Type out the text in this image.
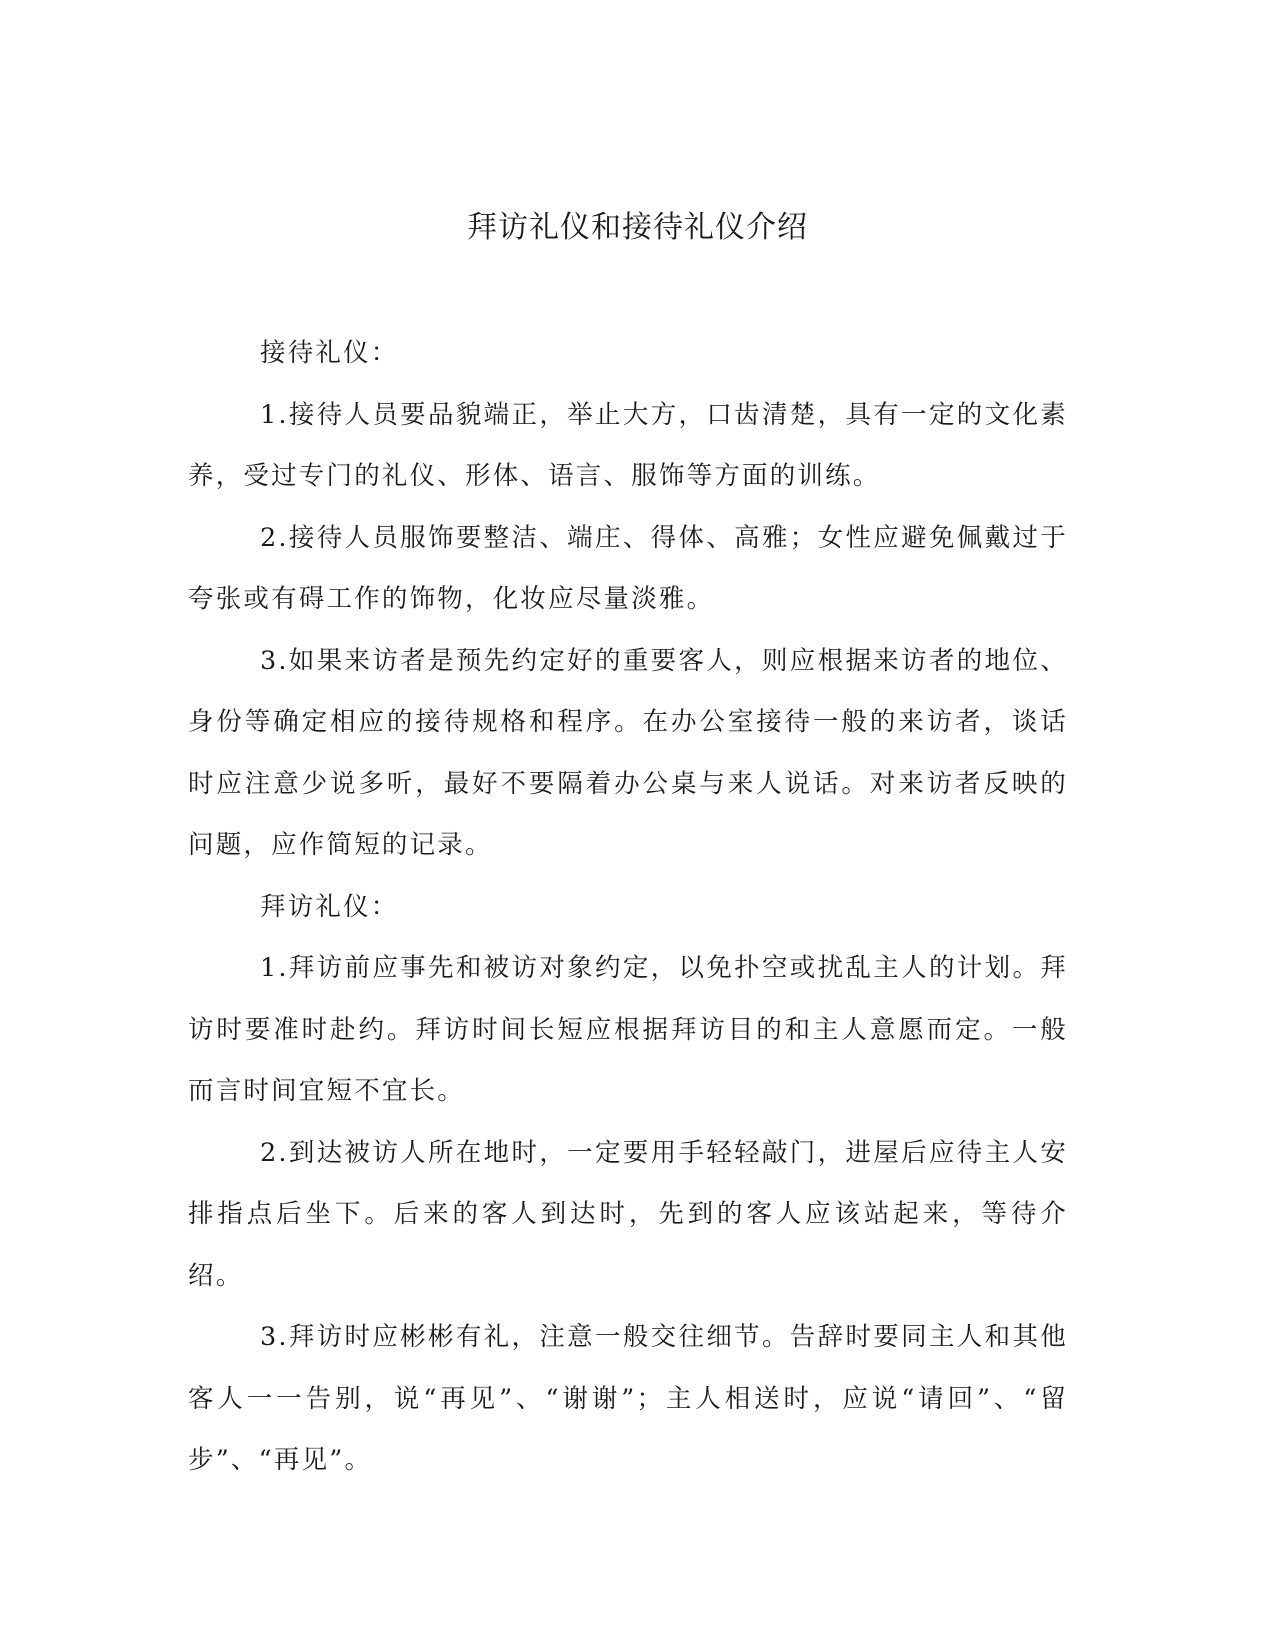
拜访礼仪和接待礼仪介绍

接待礼仪：

1.接待人员要品貌端正，举止大方，口齿清楚，具有一定的文化素养，受过专门的礼仪、形体、语言、服饰等方面的训练。

2.接待人员服饰要整洁、端庄、得体、高雅；女性应避免佩戴过于夸张或有碍工作的饰物，化妆应尽量淡雅。

3.如果来访者是预先约定好的重要客人，则应根据来访者的地位、身份等确定相应的接待规格和程序。在办公室接待一般的来访者，谈话时应注意少说多听，最好不要隔着办公桌与来人说话。对来访者反映的问题，应作简短的记录。

拜访礼仪：

1.拜访前应事先和被访对象约定，以免扑空或扰乱主人的计划。拜访时要准时赴约。拜访时间长短应根据拜访目的和主人意愿而定。一般而言时间宜短不宜长。

2.到达被访人所在地时，一定要用手轻轻敲门，进屋后应待主人安排指点后坐下。后来的客人到达时，先到的客人应该站起来，等待介绍。

3.拜访时应彬彬有礼，注意一般交往细节。告辞时要同主人和其他客人一一告别，说“再见”、“谢谢”；主人相送时，应说“请回”、“留步”、“再见”。
